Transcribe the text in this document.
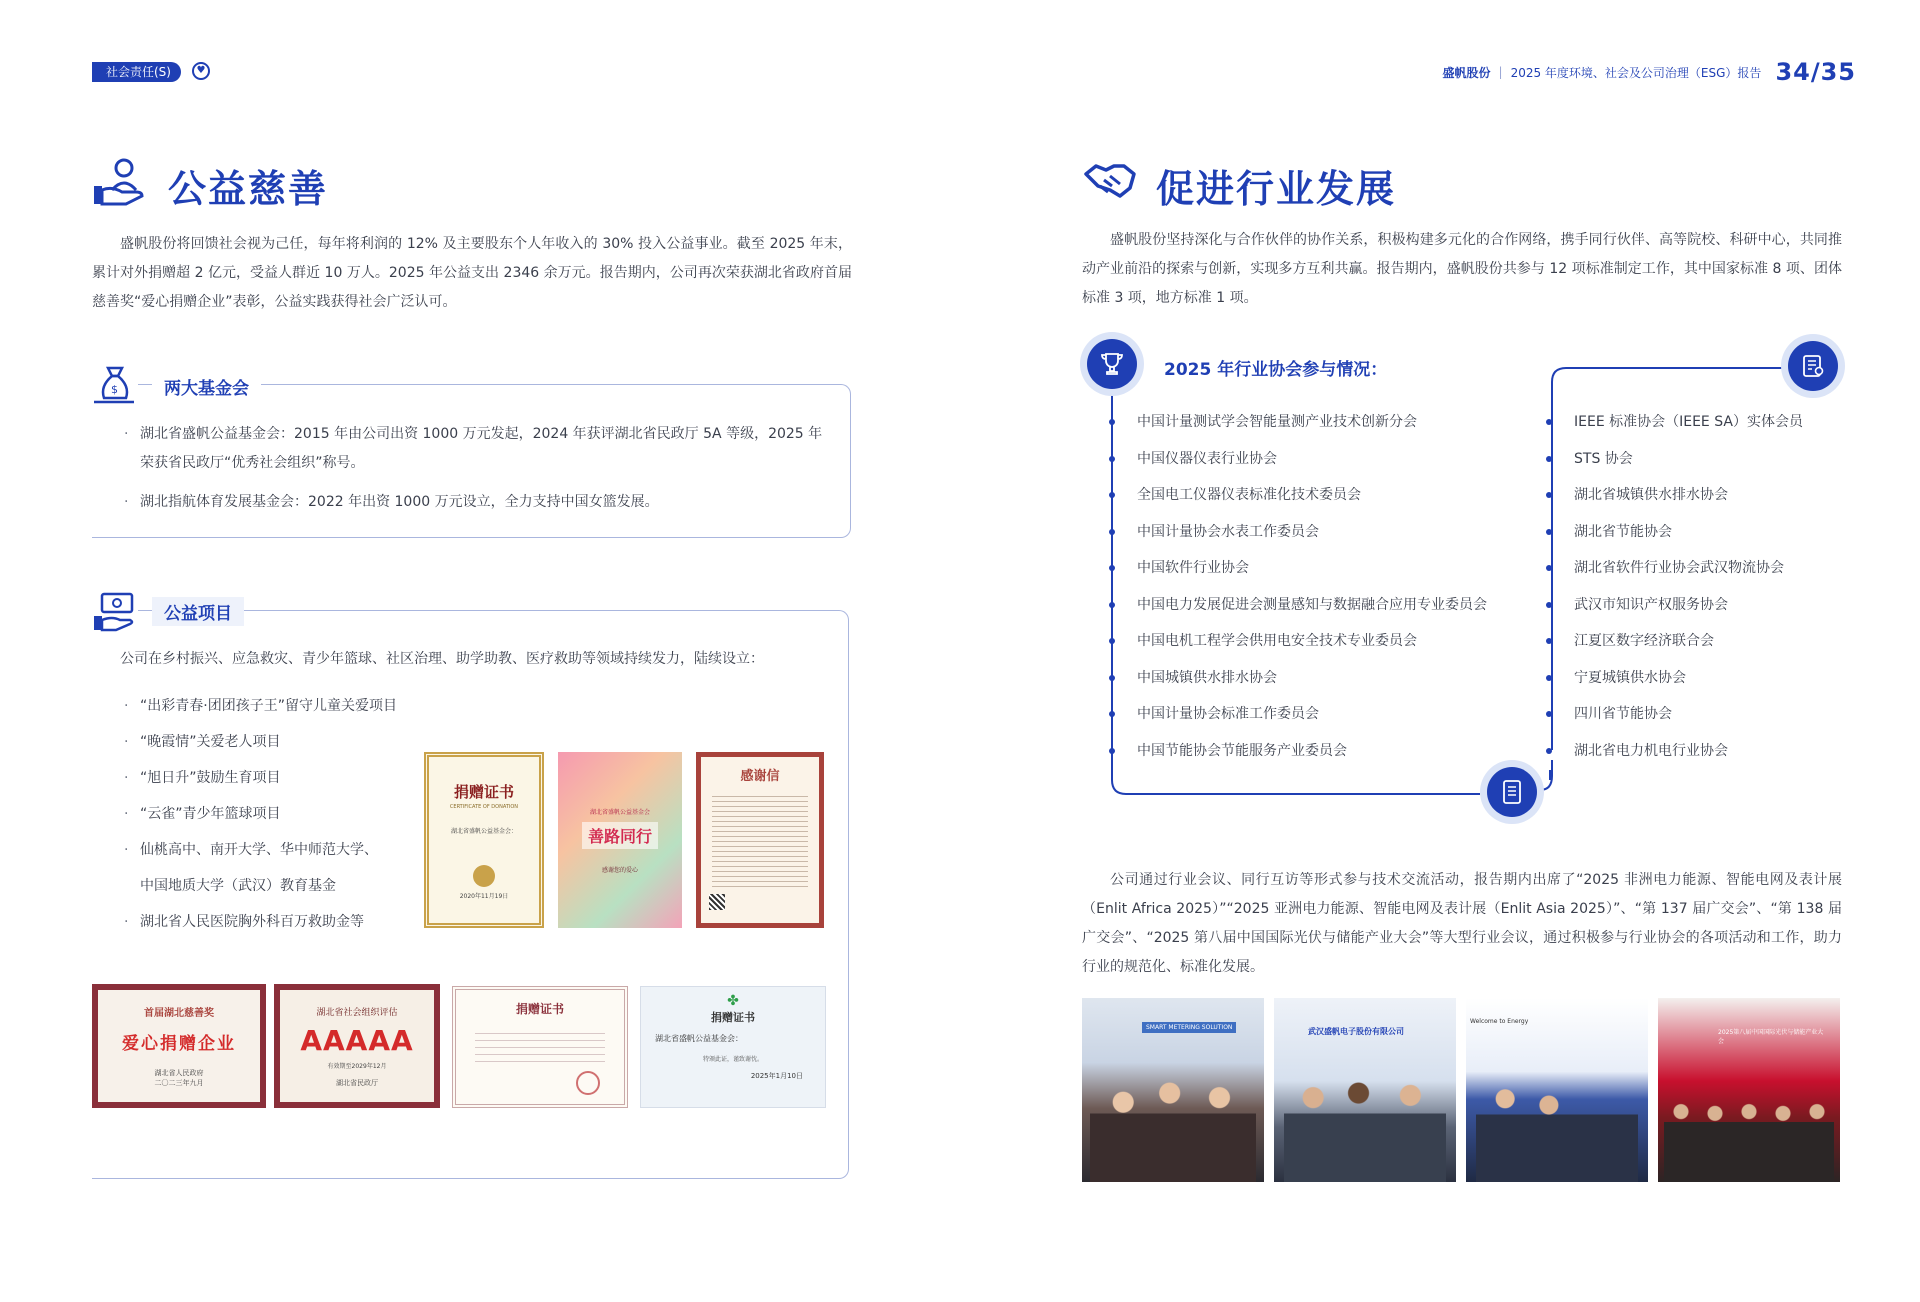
社会责任(S)	♥	盛帆股份 | 2025 年度环境、社会及公司治理（ESG）报告 34/35
公益慈善

盛帆股份将回馈社会视为己任，每年将利润的 12% 及主要股东个人年收入的 30% 投入公益事业。截至 2025 年末，累计对外捐赠超 2 亿元，受益人群近 10 万人。2025 年公益支出 2346 余万元。报告期内，公司再次荣获湖北省政府首届慈善奖“爱心捐赠企业”表彰，公益实践获得社会广泛认可。

$	两大基金会
· 湖北省盛帆公益基金会：2015 年由公司出资 1000 万元发起，2024 年获评湖北省民政厅 5A 等级，2025 年荣获省民政厅“优秀社会组织”称号。
· 湖北指航体育发展基金会：2022 年出资 1000 万元设立，全力支持中国女篮发展。
公益项目

公司在乡村振兴、应急救灾、青少年篮球、社区治理、助学助教、医疗救助等领域持续发力，陆续设立：

· “出彩青春·团团孩子王”留守儿童关爱项目
· “晚霞情”关爱老人项目
· “旭日升”鼓励生育项目
· “云雀”青少年篮球项目
· 仙桃高中、南开大学、华中师范大学、
中国地质大学（武汉）教育基金
· 湖北省人民医院胸外科百万救助金等
捐赠证书
CERTIFICATE OF DONATION
湖北省盛帆公益基金会：
2020年11月19日
湖北省盛帆公益基金会
善路同行
感谢您的爱心
感谢信
首届湖北慈善奖
爱心捐赠企业
湖北省人民政府
二〇二三年九月
湖北省社会组织评估
AAAAA
有效期至2029年12月
湖北省民政厅
捐赠证书	✤
捐赠证书
湖北省盛帆公益基金会：
特颁此证，谨致谢忱。
2025年1月10日
促进行业发展

盛帆股份坚持深化与合作伙伴的协作关系，积极构建多元化的合作网络，携手同行伙伴、高等院校、科研中心，共同推动产业前沿的探索与创新，实现多方互利共赢。报告期内，盛帆股份共参与 12 项标准制定工作，其中国家标准 8 项、团体标准 3 项，地方标准 1 项。

2025 年行业协会参与情况：
中国计量测试学会智能量测产业技术创新分会
中国仪器仪表行业协会
全国电工仪器仪表标准化技术委员会
中国计量协会水表工作委员会
中国软件行业协会
中国电力发展促进会测量感知与数据融合应用专业委员会
中国电机工程学会供用电安全技术专业委员会
中国城镇供水排水协会
中国计量协会标准工作委员会
中国节能协会节能服务产业委员会
IEEE 标准协会（IEEE SA）实体会员
STS 协会
湖北省城镇供水排水协会
湖北省节能协会
湖北省软件行业协会武汉物流协会
武汉市知识产权服务协会
江夏区数字经济联合会
宁夏城镇供水协会
四川省节能协会
湖北省电力机电行业协会

公司通过行业会议、同行互访等形式参与技术交流活动，报告期内出席了“2025 非洲电力能源、智能电网及表计展（Enlit Africa 2025）”“2025 亚洲电力能源、智能电网及表计展（Enlit Asia 2025）”、“第 137 届广交会”、“第 138 届广交会”、“2025 第八届中国国际光伏与储能产业大会”等大型行业会议，通过积极参与行业协会的各项活动和工作，助力行业的规范化、标准化发展。

SMART METERING SOLUTION	武汉盛帆电子股份有限公司
Welcome to Energy
2025第八届中国国际光伏与储能产业大会
